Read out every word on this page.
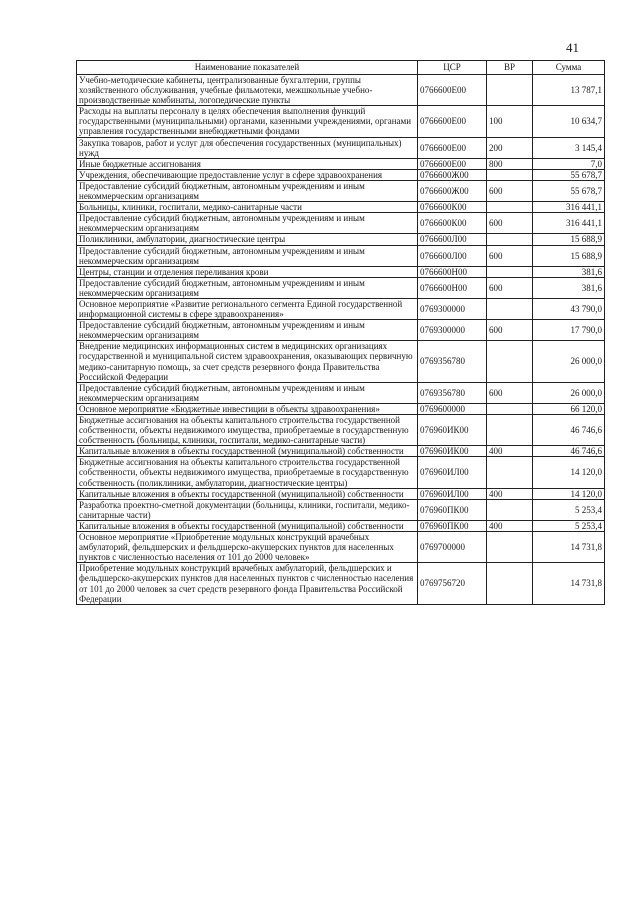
41
Наименование показателей	ЦСР	ВР	Сумма
Учебно-методические кабинеты, централизованные бухгалтерии, группы хозяйственного обслуживания, учебные фильмотеки, межшкольные учебно-производственные комбинаты, логопедические пункты	0766600Е00		13 787,1
Расходы на выплаты персоналу в целях обеспечения выполнения функций государственными (муниципальными) органами, казенными учреждениями, органами управления государственными внебюджетными фондами	0766600Е00	100	10 634,7
Закупка товаров, работ и услуг для обеспечения государственных (муниципальных) нужд	0766600Е00	200	3 145,4
Иные бюджетные ассигнования	0766600Е00	800	7,0
Учреждения, обеспечивающие предоставление услуг в сфере здравоохранения	0766600Ж00		55 678,7
Предоставление субсидий бюджетным, автономным учреждениям и иным некоммерческим организациям	0766600Ж00	600	55 678,7
Больницы, клиники, госпитали, медико-санитарные части	0766600К00		316 441,1
Предоставление субсидий бюджетным, автономным учреждениям и иным некоммерческим организациям	0766600К00	600	316 441,1
Поликлиники, амбулатории, диагностические центры	0766600Л00		15 688,9
Предоставление субсидий бюджетным, автономным учреждениям и иным некоммерческим организациям	0766600Л00	600	15 688,9
Центры, станции и отделения переливания крови	0766600Н00		381,6
Предоставление субсидий бюджетным, автономным учреждениям и иным некоммерческим организациям	0766600Н00	600	381,6
Основное мероприятие «Развитие регионального сегмента Единой государственной информационной системы в сфере здравоохранения»	0769300000		43 790,0
Предоставление субсидий бюджетным, автономным учреждениям и иным некоммерческим организациям	0769300000	600	17 790,0
Внедрение медицинских информационных систем в медицинских организациях государственной и муниципальной систем здравоохранения, оказывающих первичную медико-санитарную помощь, за счет средств резервного фонда Правительства Российской Федерации	0769356780		26 000,0
Предоставление субсидий бюджетным, автономным учреждениям и иным некоммерческим организациям	0769356780	600	26 000,0
Основное мероприятие «Бюджетные инвестиции в объекты здравоохранения»	0769600000		66 120,0
Бюджетные ассигнования на объекты капитального строительства государственной собственности, объекты недвижимого имущества, приобретаемые в государственную собственность (больницы, клиники, госпитали, медико-санитарные части)	076960ИК00		46 746,6
Капитальные вложения в объекты государственной (муниципальной) собственности	076960ИК00	400	46 746,6
Бюджетные ассигнования на объекты капитального строительства государственной собственности, объекты недвижимого имущества, приобретаемые в государственную собственность (поликлиники, амбулатории, диагностические центры)	076960ИЛ00		14 120,0
Капитальные вложения в объекты государственной (муниципальной) собственности	076960ИЛ00	400	14 120,0
Разработка проектно-сметной документации (больницы, клиники, госпитали, медико-санитарные части)	076960ПК00		5 253,4
Капитальные вложения в объекты государственной (муниципальной) собственности	076960ПК00	400	5 253,4
Основное мероприятие «Приобретение модульных конструкций врачебных амбулаторий, фельдшерских и фельдшерско-акушерских пунктов для населенных пунктов с численностью населения от 101 до 2000 человек»	0769700000		14 731,8
Приобретение модульных конструкций врачебных амбулаторий, фельдшерских и фельдшерско-акушерских пунктов для населенных пунктов с численностью населения от 101 до 2000 человек за счет средств резервного фонда Правительства Российской Федерации	0769756720		14 731,8
